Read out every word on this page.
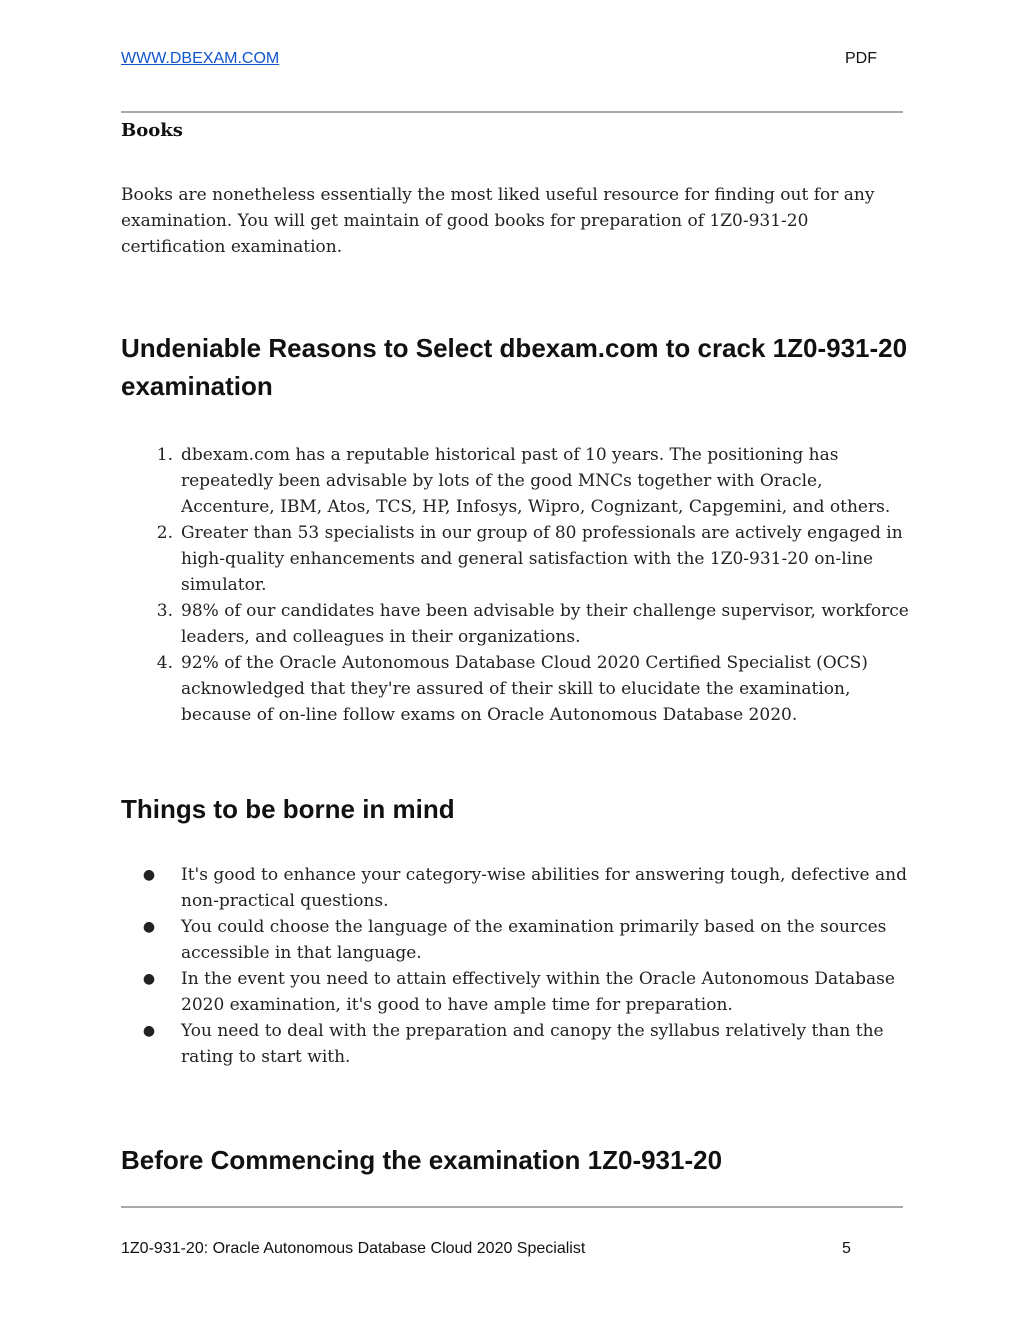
WWW.DBEXAM.COM	PDF
Books

Books are nonetheless essentially the most liked useful resource for finding out for any examination. You will get maintain of good books for preparation of 1Z0-931-20 certification examination.

Undeniable Reasons to Select dbexam.com to crack 1Z0-931-20 examination
1. dbexam.com has a reputable historical past of 10 years. The positioning has repeatedly been advisable by lots of the good MNCs together with Oracle, Accenture, IBM, Atos, TCS, HP, Infosys, Wipro, Cognizant, Capgemini, and others.
2. Greater than 53 specialists in our group of 80 professionals are actively engaged in high-quality enhancements and general satisfaction with the 1Z0-931-20 on-line simulator.
3. 98% of our candidates have been advisable by their challenge supervisor, workforce leaders, and colleagues in their organizations.
4. 92% of the Oracle Autonomous Database Cloud 2020 Certified Specialist (OCS) acknowledged that they're assured of their skill to elucidate the examination, because of on-line follow exams on Oracle Autonomous Database 2020.
Things to be borne in mind
● It's good to enhance your category-wise abilities for answering tough, defective and non-practical questions.
● You could choose the language of the examination primarily based on the sources accessible in that language.
● In the event you need to attain effectively within the Oracle Autonomous Database 2020 examination, it's good to have ample time for preparation.
● You need to deal with the preparation and canopy the syllabus relatively than the rating to start with.
Before Commencing the examination 1Z0-931-20
1Z0-931-20: Oracle Autonomous Database Cloud 2020 Specialist	5
